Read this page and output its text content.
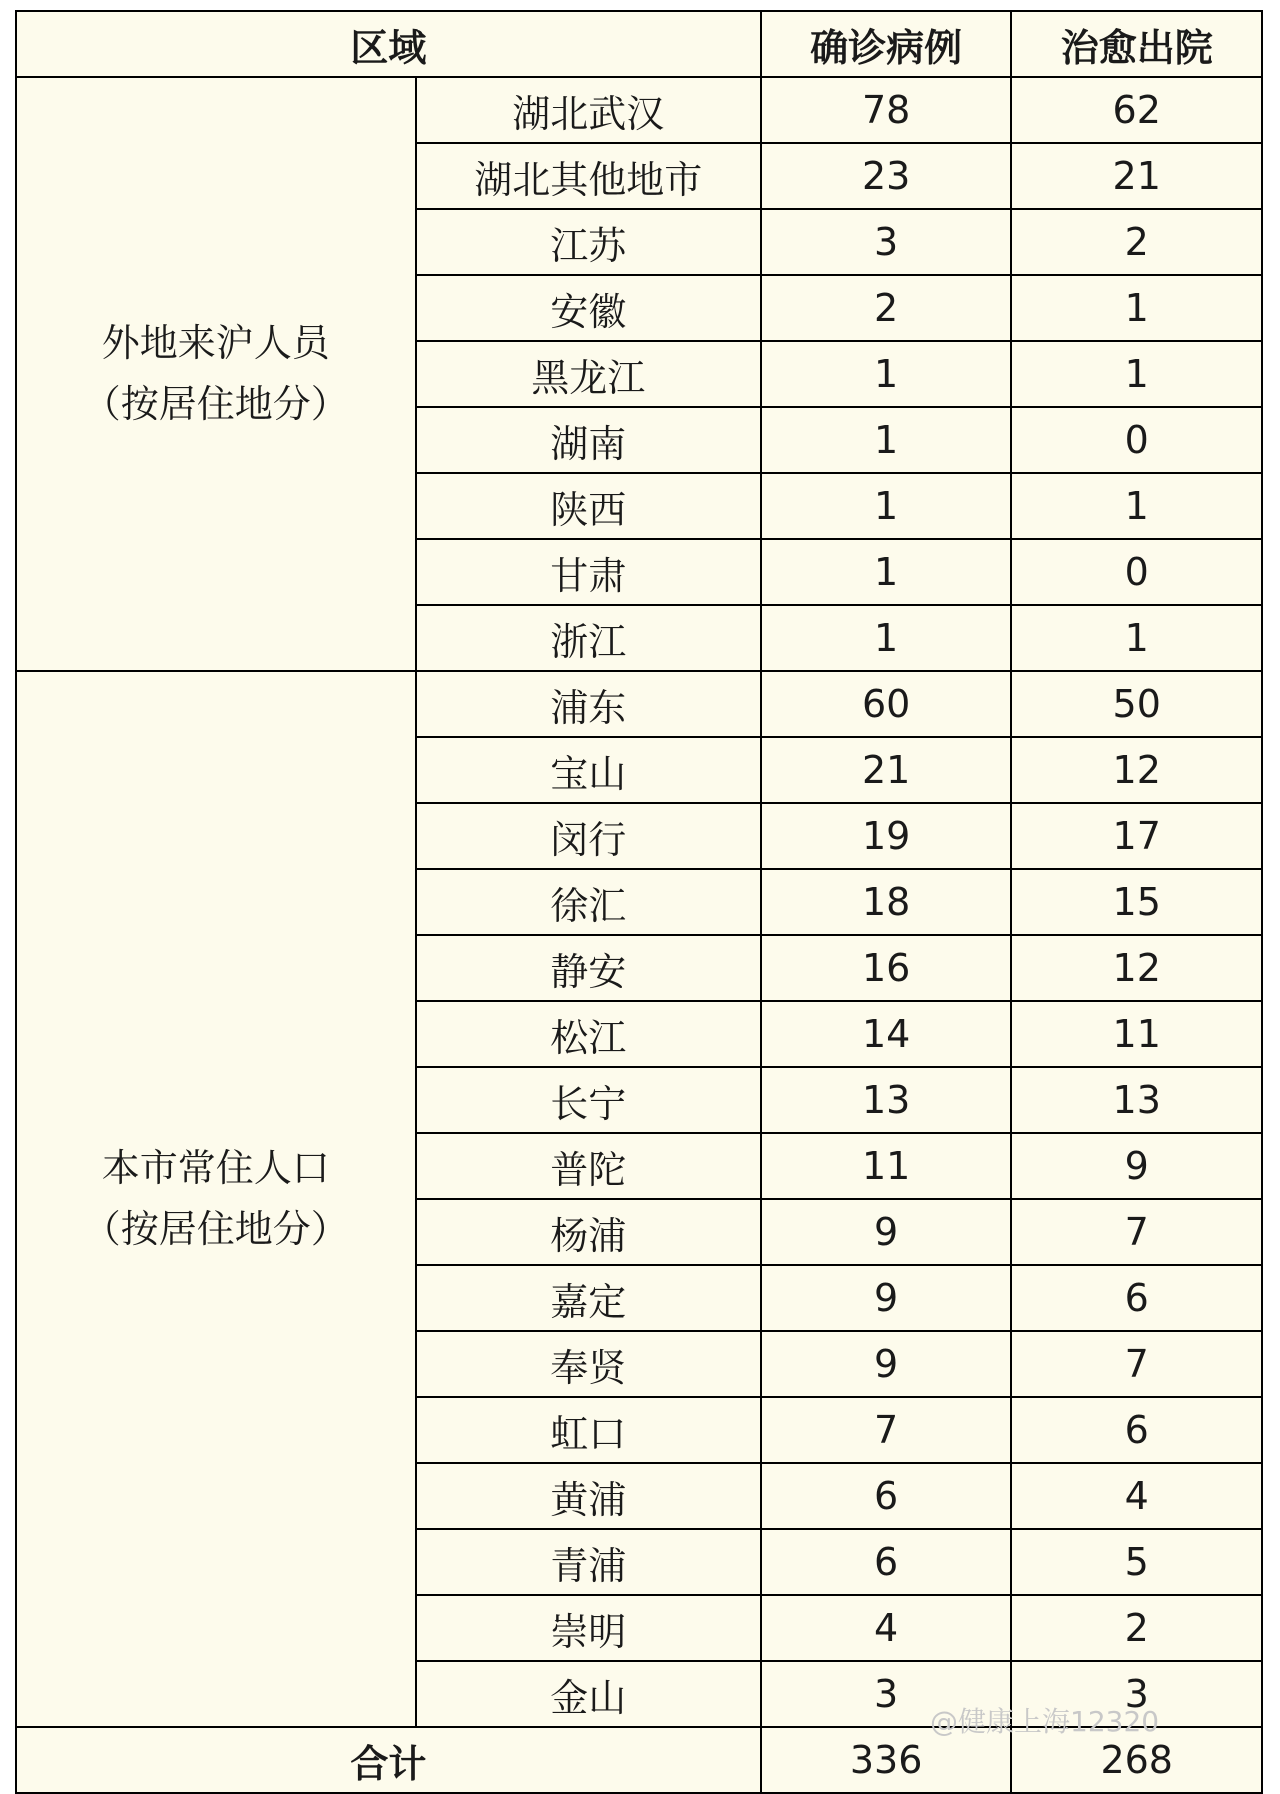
区域		确诊病例	治愈出院

外地来沪人员
（按居住地分）	湖北武汉	78	62
	湖北其他地市	23	21
	江苏	3	2
	安徽	2	1
	黑龙江	1	1
	湖南	1	0
	陕西	1	1
	甘肃	1	0
	浙江	1	1

本市常住人口
（按居住地分）	浦东	60	50
	宝山	21	12
	闵行	19	17
	徐汇	18	15
	静安	16	12
	松江	14	11
	长宁	13	13
	普陀	11	9
	杨浦	9	7
	嘉定	9	6
	奉贤	9	7
	虹口	7	6
	黄浦	6	4
	青浦	6	5
	崇明	4	2
	金山	3	3
合计		336	268
@健康上海12320
